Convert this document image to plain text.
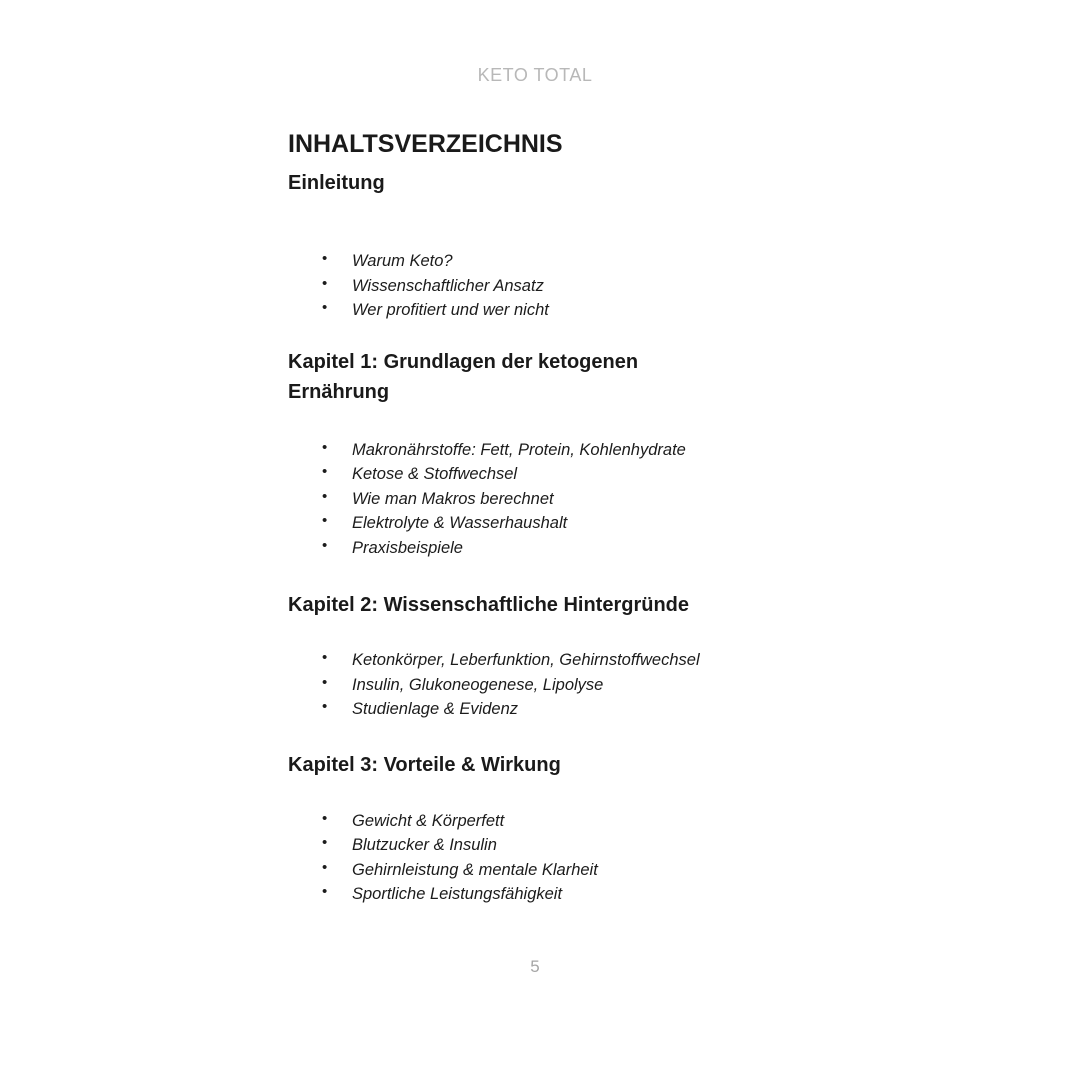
KETO TOTAL
INHALTSVERZEICHNIS
Einleitung
• Warum Keto?
• Wissenschaftlicher Ansatz
• Wer profitiert und wer nicht
Kapitel 1: Grundlagen der ketogenen Ernährung
• Makronährstoffe: Fett, Protein, Kohlenhydrate
• Ketose & Stoffwechsel
• Wie man Makros berechnet
• Elektrolyte & Wasserhaushalt
• Praxisbeispiele
Kapitel 2: Wissenschaftliche Hintergründe
• Ketonkörper, Leberfunktion, Gehirnstoffwechsel
• Insulin, Glukoneogenese, Lipolyse
• Studienlage & Evidenz
Kapitel 3: Vorteile & Wirkung
• Gewicht & Körperfett
• Blutzucker & Insulin
• Gehirnleistung & mentale Klarheit
• Sportliche Leistungsfähigkeit
5
